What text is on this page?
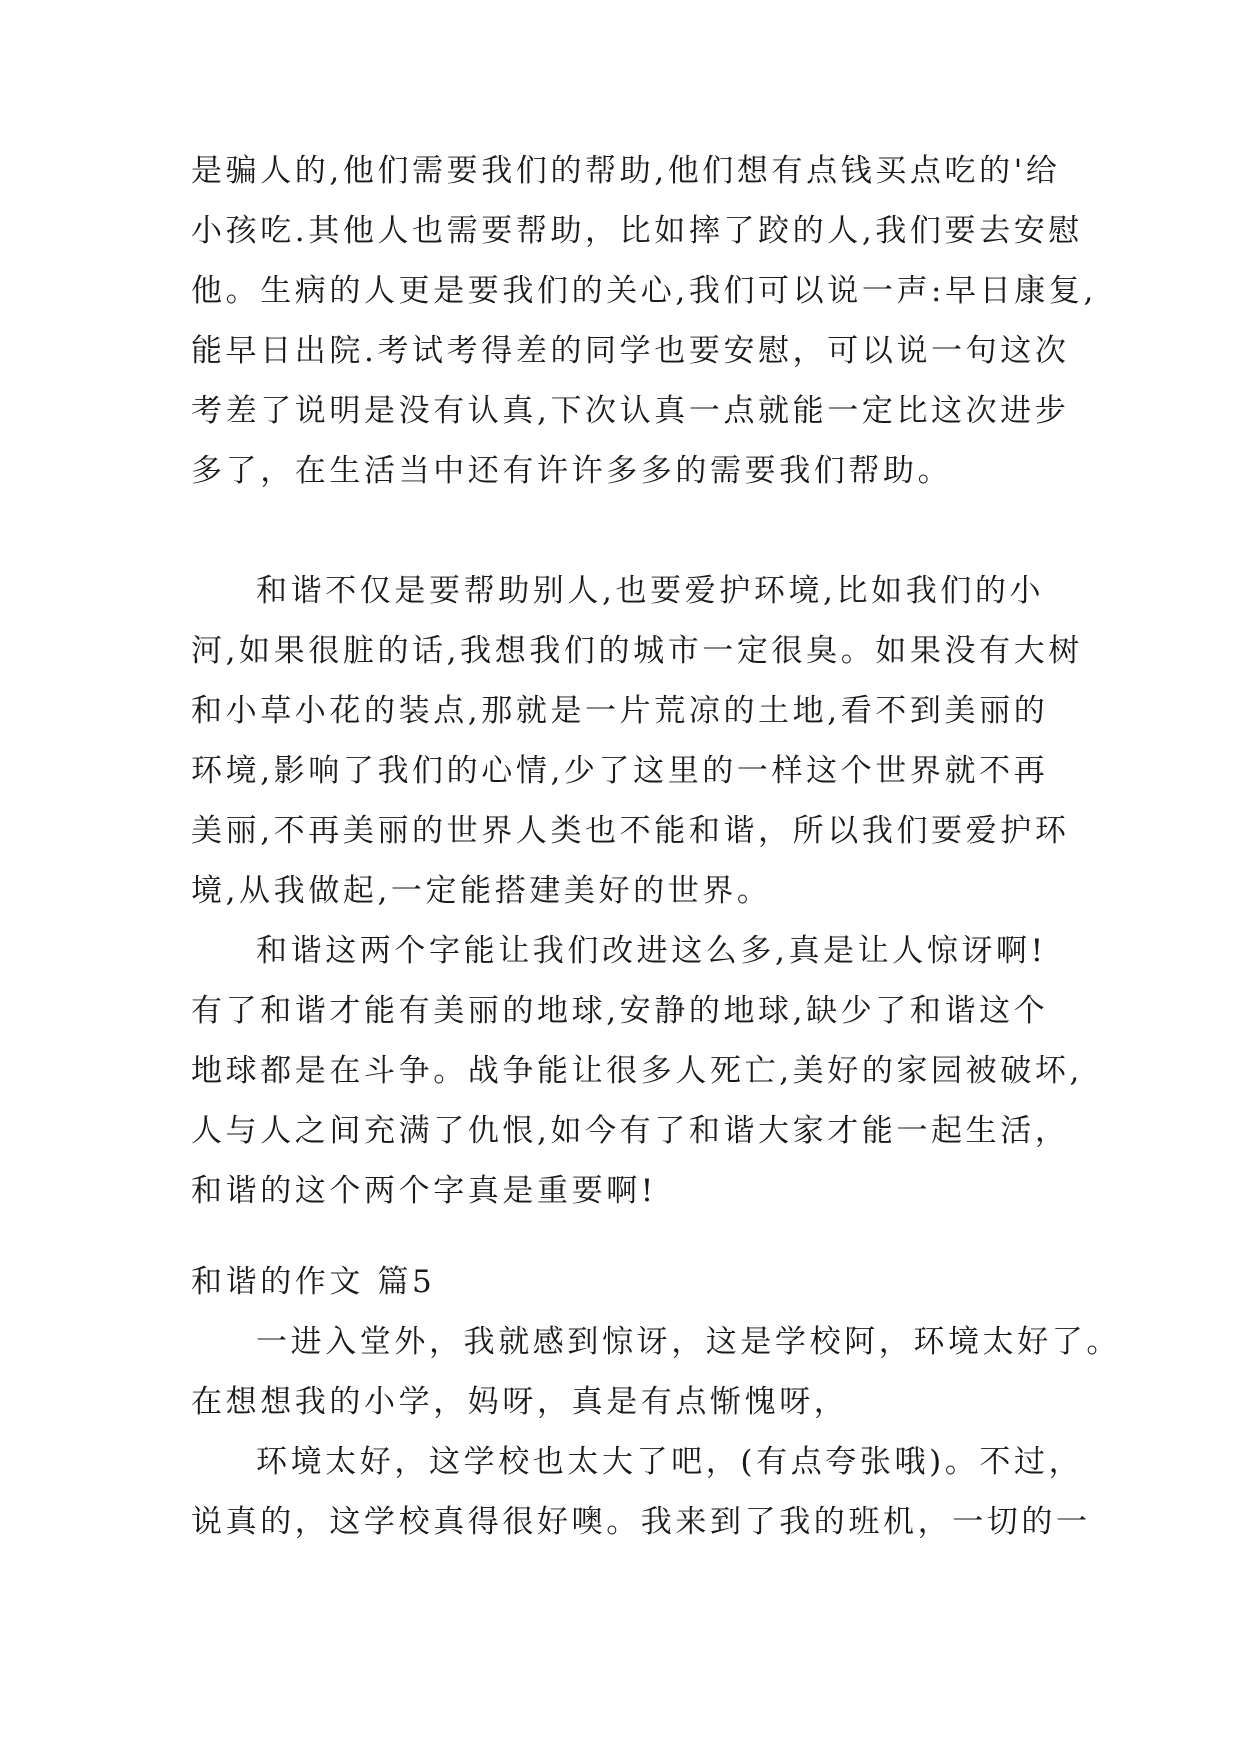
是骗人的,他们需要我们的帮助,他们想有点钱买点吃的'给
小孩吃.其他人也需要帮助，比如摔了跤的人,我们要去安慰
他。生病的人更是要我们的关心,我们可以说一声:早日康复,
能早日出院.考试考得差的同学也要安慰，可以说一句这次
考差了说明是没有认真,下次认真一点就能一定比这次进步
多了，在生活当中还有许许多多的需要我们帮助。
和谐不仅是要帮助别人,也要爱护环境,比如我们的小
河,如果很脏的话,我想我们的城市一定很臭。如果没有大树
和小草小花的装点,那就是一片荒凉的土地,看不到美丽的
环境,影响了我们的心情,少了这里的一样这个世界就不再
美丽,不再美丽的世界人类也不能和谐，所以我们要爱护环
境,从我做起,一定能搭建美好的世界。
和谐这两个字能让我们改进这么多,真是让人惊讶啊!
有了和谐才能有美丽的地球,安静的地球,缺少了和谐这个
地球都是在斗争。战争能让很多人死亡,美好的家园被破坏,
人与人之间充满了仇恨,如今有了和谐大家才能一起生活，
和谐的这个两个字真是重要啊!
和谐的作文 篇5
一进入堂外，我就感到惊讶，这是学校阿，环境太好了。
在想想我的小学，妈呀，真是有点惭愧呀，
环境太好，这学校也太大了吧，(有点夸张哦)。不过，
说真的，这学校真得很好噢。我来到了我的班机，一切的一
